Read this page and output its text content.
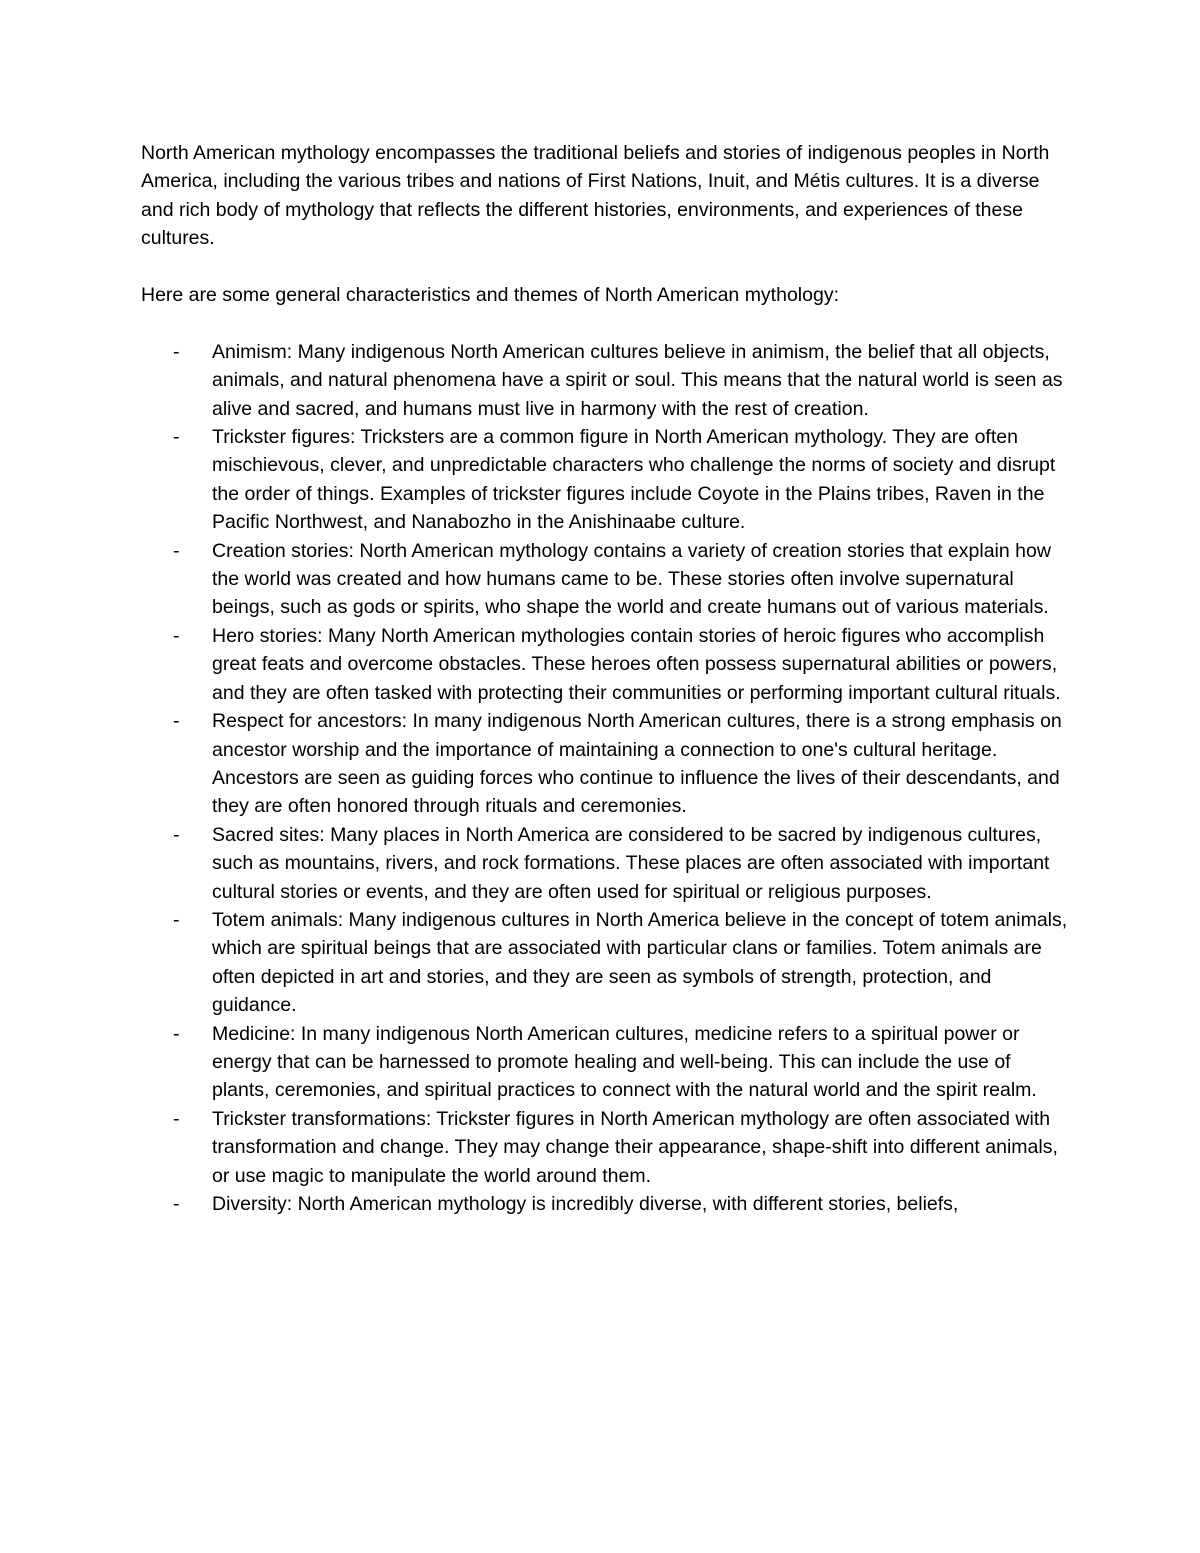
North American mythology encompasses the traditional beliefs and stories of indigenous peoples in North America, including the various tribes and nations of First Nations, Inuit, and Métis cultures. It is a diverse and rich body of mythology that reflects the different histories, environments, and experiences of these cultures.

Here are some general characteristics and themes of North American mythology:

- Animism: Many indigenous North American cultures believe in animism, the belief that all objects, animals, and natural phenomena have a spirit or soul. This means that the natural world is seen as alive and sacred, and humans must live in harmony with the rest of creation.
- Trickster figures: Tricksters are a common figure in North American mythology. They are often mischievous, clever, and unpredictable characters who challenge the norms of society and disrupt the order of things. Examples of trickster figures include Coyote in the Plains tribes, Raven in the Pacific Northwest, and Nanabozho in the Anishinaabe culture.
- Creation stories: North American mythology contains a variety of creation stories that explain how the world was created and how humans came to be. These stories often involve supernatural beings, such as gods or spirits, who shape the world and create humans out of various materials.
- Hero stories: Many North American mythologies contain stories of heroic figures who accomplish great feats and overcome obstacles. These heroes often possess supernatural abilities or powers, and they are often tasked with protecting their communities or performing important cultural rituals.
- Respect for ancestors: In many indigenous North American cultures, there is a strong emphasis on ancestor worship and the importance of maintaining a connection to one's cultural heritage. Ancestors are seen as guiding forces who continue to influence the lives of their descendants, and they are often honored through rituals and ceremonies.
- Sacred sites: Many places in North America are considered to be sacred by indigenous cultures, such as mountains, rivers, and rock formations. These places are often associated with important cultural stories or events, and they are often used for spiritual or religious purposes.
- Totem animals: Many indigenous cultures in North America believe in the concept of totem animals, which are spiritual beings that are associated with particular clans or families. Totem animals are often depicted in art and stories, and they are seen as symbols of strength, protection, and guidance.
- Medicine: In many indigenous North American cultures, medicine refers to a spiritual power or energy that can be harnessed to promote healing and well-being. This can include the use of plants, ceremonies, and spiritual practices to connect with the natural world and the spirit realm.
- Trickster transformations: Trickster figures in North American mythology are often associated with transformation and change. They may change their appearance, shape-shift into different animals, or use magic to manipulate the world around them.
- Diversity: North American mythology is incredibly diverse, with different stories, beliefs,
